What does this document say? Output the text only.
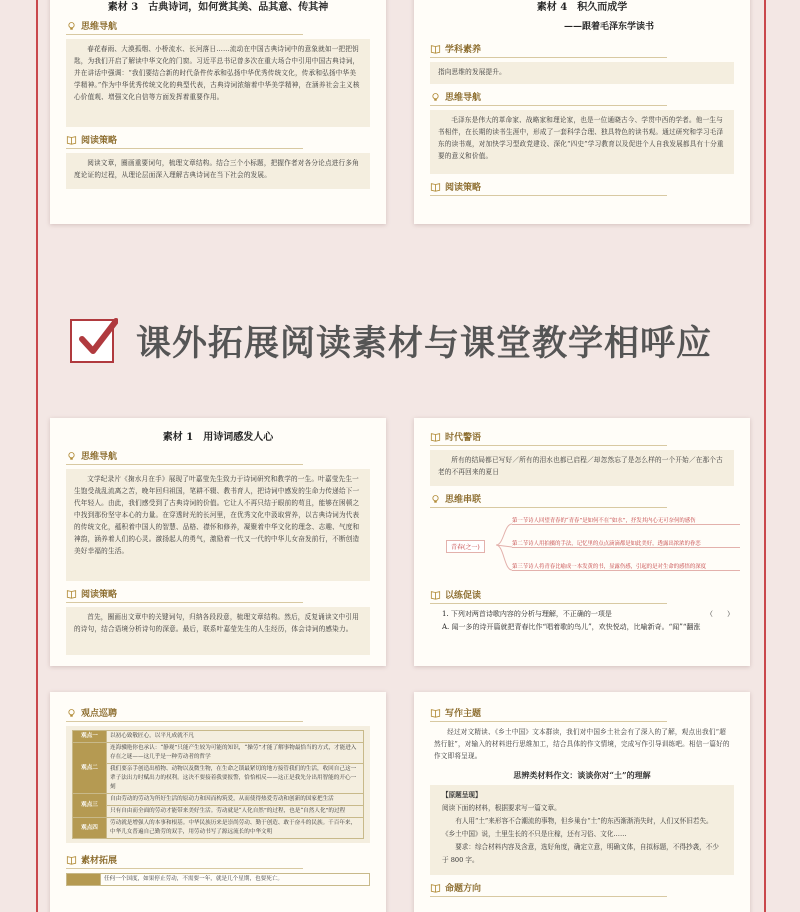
素材 3　古典诗词，如何赏其美、品其意、传其神
思维导航
春花春雨、大漠孤烟、小桥流水、长河落日……流动在中国古典诗词中的意象就如一把把钥匙，为我们开启了解读中华文化的门窗。习近平总书记曾多次在重大场合中引用中国古典诗词，并在讲话中强调：“我们要结合新的时代条件传承和弘扬中华优秀传统文化，传承和弘扬中华美学精神。”作为中华优秀传统文化的典型代表，古典诗词浓缩着中华美学精神，在涵养社会主义核心价值观、增强文化自信等方面发挥着重要作用。
阅读策略
阅读文章，圈画重要词句，梳理文章结构。结合三个小标题，把握作者对各分论点进行多角度论证的过程，从理论层面深入理解古典诗词在当下社会的发展。
素材 4　积久而成学
——跟着毛泽东学读书
学科素养
指向思维的发展提升。
思维导航
毛泽东是伟大的革命家、战略家和理论家，也是一位通晓古今、学贯中西的学者。他一生与书相伴，在长期的读书生涯中，形成了一套科学合理、独具特色的读书观。通过研究和学习毛泽东的读书观，对加快学习型政党建设、深化“四史”学习教育以及促进个人自我发展都具有十分重要的意义和价值。
阅读策略
课外拓展阅读素材与课堂教学相呼应
素材 1　用诗词感发人心
思维导航
文学纪录片《掬水月在手》展现了叶嘉莹先生致力于诗词研究和教学的一生。叶嘉莹先生一生饱受战乱流离之苦，晚年回归祖国，笔耕不辍、教书育人，把诗词中感发的生命力传递给下一代年轻人。由此，我们感受到了古典诗词的价值。它让人不再只结于眼前的苟且，能够在困顿之中找到那份坚守本心的力量。在穿透时光的长河里，在优秀文化中汲取营养，以古典诗词为代表的传统文化，蕴积着中国人的智慧、品格、襟怀和修养，凝聚着中华文化的理念、志趣、气度和神韵，涵养着人们的心灵。激扬起人的勇气，激励着一代又一代的中华儿女奋发前行，不断创造美好幸福的生活。
阅读策略
首先，圈画出文章中的关键词句，归纳各段段意，梳理文章结构。然后，反复诵读文中引用的诗句，结合语境分析诗句的深意。最后，联系叶嘉莹先生的人生经历，体会诗词的感染力。
时代警语
所有的结局都已写好／所有的泪水也都已启程／却忽然忘了是怎么样的一个开始／在那个古老的不再回来的夏日
思维串联
青春(之一)
第一节诗人回望青春的“青春”是如何不在“如水”，抒发其内心无可奈何的感伤
第二节诗人用拍摄的手法，记忆里的点点滴滴都是如此美好，透露出浓浓的眷恋
第三节诗人将青春比喻成一本发黄的书，显露伤感，引起的是对生命的感悟的深度
以练促读
1. 下列对两首诗歌内容的分析与理解，不正确的一项是	（　　）
A. 闻一多的诗开篇就把青春比作“唱着歌的鸟儿”，欢快悦动，比喻新奇。“闻”“翻涨
观点巡聘
观点一	以初心致敬匠心，以平凡成就不凡
观点二	连海骥艳你也承认：“静观”只能产生较为可能的知识，“操劳”才能了解事物最恰当的方式，才能进入存在之谜——这几乎是一种劳动者的哲学
	我们要亲手创造出植物、动物以及微生物，在生命之锁最紧切的地方接管我们的生活，收回自己这一辈子法出力时赋出力的权利。这决不要接着我要报警，恰恰相反——这正是我先分出用智能的开心一刻
观点三	自由劳动的劳动为所好生活的原动力和因而构筑爱，从而使得热爱劳动和创新的国家把生活
	只有自由而全面的劳动才能带来美好生活。劳动就是“人化自然”的过程，也是“自然人化”的过程
观点四	劳动就是增强人的本事和根基。中华民族历来是崇尚劳动、勤于创造、敢于奋斗的民族。千百年来，中华儿女普遍自己勤劳的双手，用劳动书写了源远流长的中华文明
素材拓展
	任何一个国度，如果停止劳动，不需要一年，就是几个星期，也要死亡。
写作主题
经过对文精读、《乡土中国》文本群读，我们对中国乡土社会有了深入的了解，观点出我们“超然行脏”，对输入的材料进行思维加工，结合具体的作文情境，完成写作引导训练吧。相信一篇好的作文即将呈现。
思辨类材料作文：谈谈你对“土”的理解
【原题呈现】
阅读下面的材料，根据要求写一篇文章。
有人用“土”来形容不合潮流的事物，但乡巢台“土”的东西渐渐消失时，人们又怀旧若失。《乡土中国》说，土里生长的不只是庄稼，还有习俗、文化……
要求：综合材料内容及含意，选好角度，确定立意，明确文体，自拟标题，不得抄袭，不少于 800 字。
命题方向
